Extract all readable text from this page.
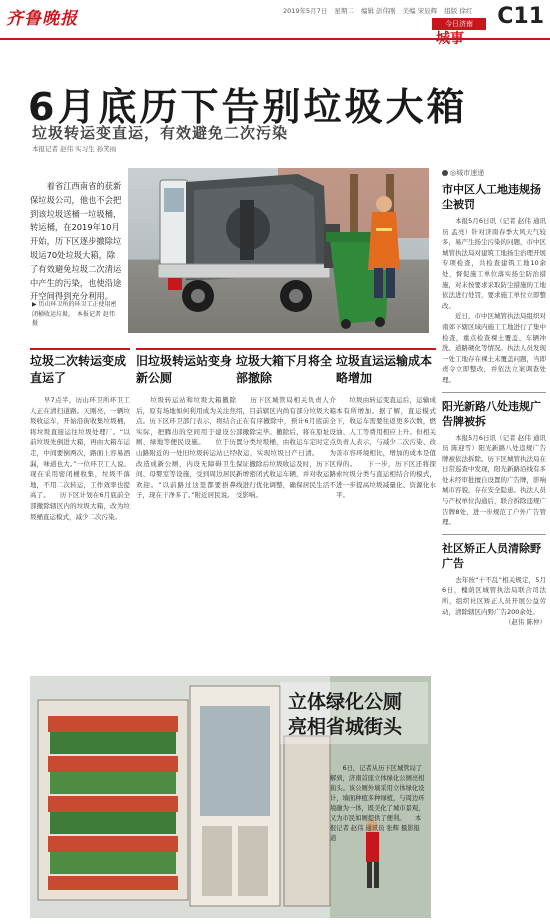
齐鲁晚报	2019年5月7日 星期二 编辑 彭伟刚 美编 宋辰辉 组版 徐红
今日济南
城事
C11
6月底历下告别垃圾大箱
垃圾转运变直运，有效避免二次污染
本报记者 赵伟 实习生 孙笑雨

　　着省江西南省的获新保垃圾公司，他也不会把到该垃圾送桶一垃圾桶，转运桶，在2019年10月开始，历下区逐步撤除垃圾运70处垃圾大箱，除了有效避免垃圾二次清运中产生的污染，也使沿途开空间得到充分利用。

▶ 历山环卫所的环卫工正使用密闭桶收运垃圾。　本报记者 赵伟 摄

◎城市速递
市中区人工地违规扬尘被罚

　　本报5月6日讯（记者 赵伟 通讯员 孟亮）针对济南春季大风天气较多，易产生扬尘污染的问题，市中区城管执法局对建筑工地扬尘治理开展专项检查，共检查建筑工地10余处，督促施工单位落实扬尘防治措施，对未按要求采取防尘措施的工地依法进行处罚，要求施工单位立即整改。

　　近日，市中区城管执法局组织对南郊下辖区域内施工工地进行了集中检查，重点检查裸土覆盖、车辆冲洗、道路硬化等情况。执法人员发现一处工地存在裸土未覆盖问题，当即责令立即整改，并依法立案调查处理。

阳光新路八处违规广告牌被拆

　　本报5月6日讯（记者 赵伟 通讯员 陈迎雪）阳光新路八处违规广告牌被依法拆除。历下区城管执法局在日常巡查中发现，阳光新路沿线有多处未经审批擅自设置的广告牌，影响城市容貌，存在安全隐患。执法人员与产权单位沟通后，联合拆除违规广告牌8处，进一步规范了户外广告管理。

社区矫正人员清除野广告

　　去年按“十不乱”相关规定，5月6日，槐荫区城管执法局联合司法所，组织社区矫正人员开展公益劳动，清除辖区内野广告200余处。

（赵伟 陈仲）

垃圾二次转运变成直运了

　　早7点半，历山环卫所环卫工人正在清扫道路。天刚亮，一辆垃圾收运车，开始沿街收集垃圾桶，将垃圾直接运往垃圾处理厂。“以前垃圾先倒进大箱，再由大箱车运走，中间要倒两次，路面上容易洒漏，味道也大。”一位环卫工人说。现在采用密闭桶收集，垃圾不落地，不用二次转运，工作效率也提高了。　　历下区计划在6月底前全部撤除辖区内的垃圾大箱，改为垃圾桶直运模式，减少二次污染。

旧垃圾转运站变身新公厕

　　垃圾转运站和垃圾大箱撤除后，原有场地如何利用成为关注焦点。历下区环卫部门表示，将结合实际，把腾出的空间用于建设公厕、绿地等便民设施。　　位于历山路附近的一处旧垃圾转运站已经改造成新公厕，内设无障碍卫生间、母婴室等设施，受到周边居民欢迎。“以前路过这里都要捂鼻子，现在干净多了。”附近居民说。

垃圾大箱下月将全部撤除

　　历下区城管局相关负责人介绍，目前辖区内尚有部分垃圾大箱正在有序撤除中，预计6月底前全部撤除完毕。撤除后，将在原址设置分类垃圾桶，由收运车定时定点收运，实现垃圾日产日清。　　为保证撤除后垃圾收运及时，历下区新增密闭式收运车辆，并对收运路线进行优化调整，确保居民生活不受影响。

垃圾直运运输成本略增加

　　垃圾由转运变直运后，运输成本有所增加。据了解，直运模式下，收运车需要往返更多次数，燃油、人工等费用相应上升。但相关负责人表示，与减少二次污染、改善市容环境相比，增加的成本是值得的。　　下一步，历下区还将探索垃圾分类与直运相结合的模式，进一步提高垃圾减量化、资源化水平。

立体绿化公厕
亮相省城街头

　　6日，记者从历下区城管局了解到，济南首座立体绿化公厕亮相街头。该公厕外墙采用立体绿化设计，墙面种植多种绿植，与周边环境融为一体，既美化了城市景观，又为市民如厕提供了便利。　　本报记者 赵伟 通讯员 张辉 摄影报道
